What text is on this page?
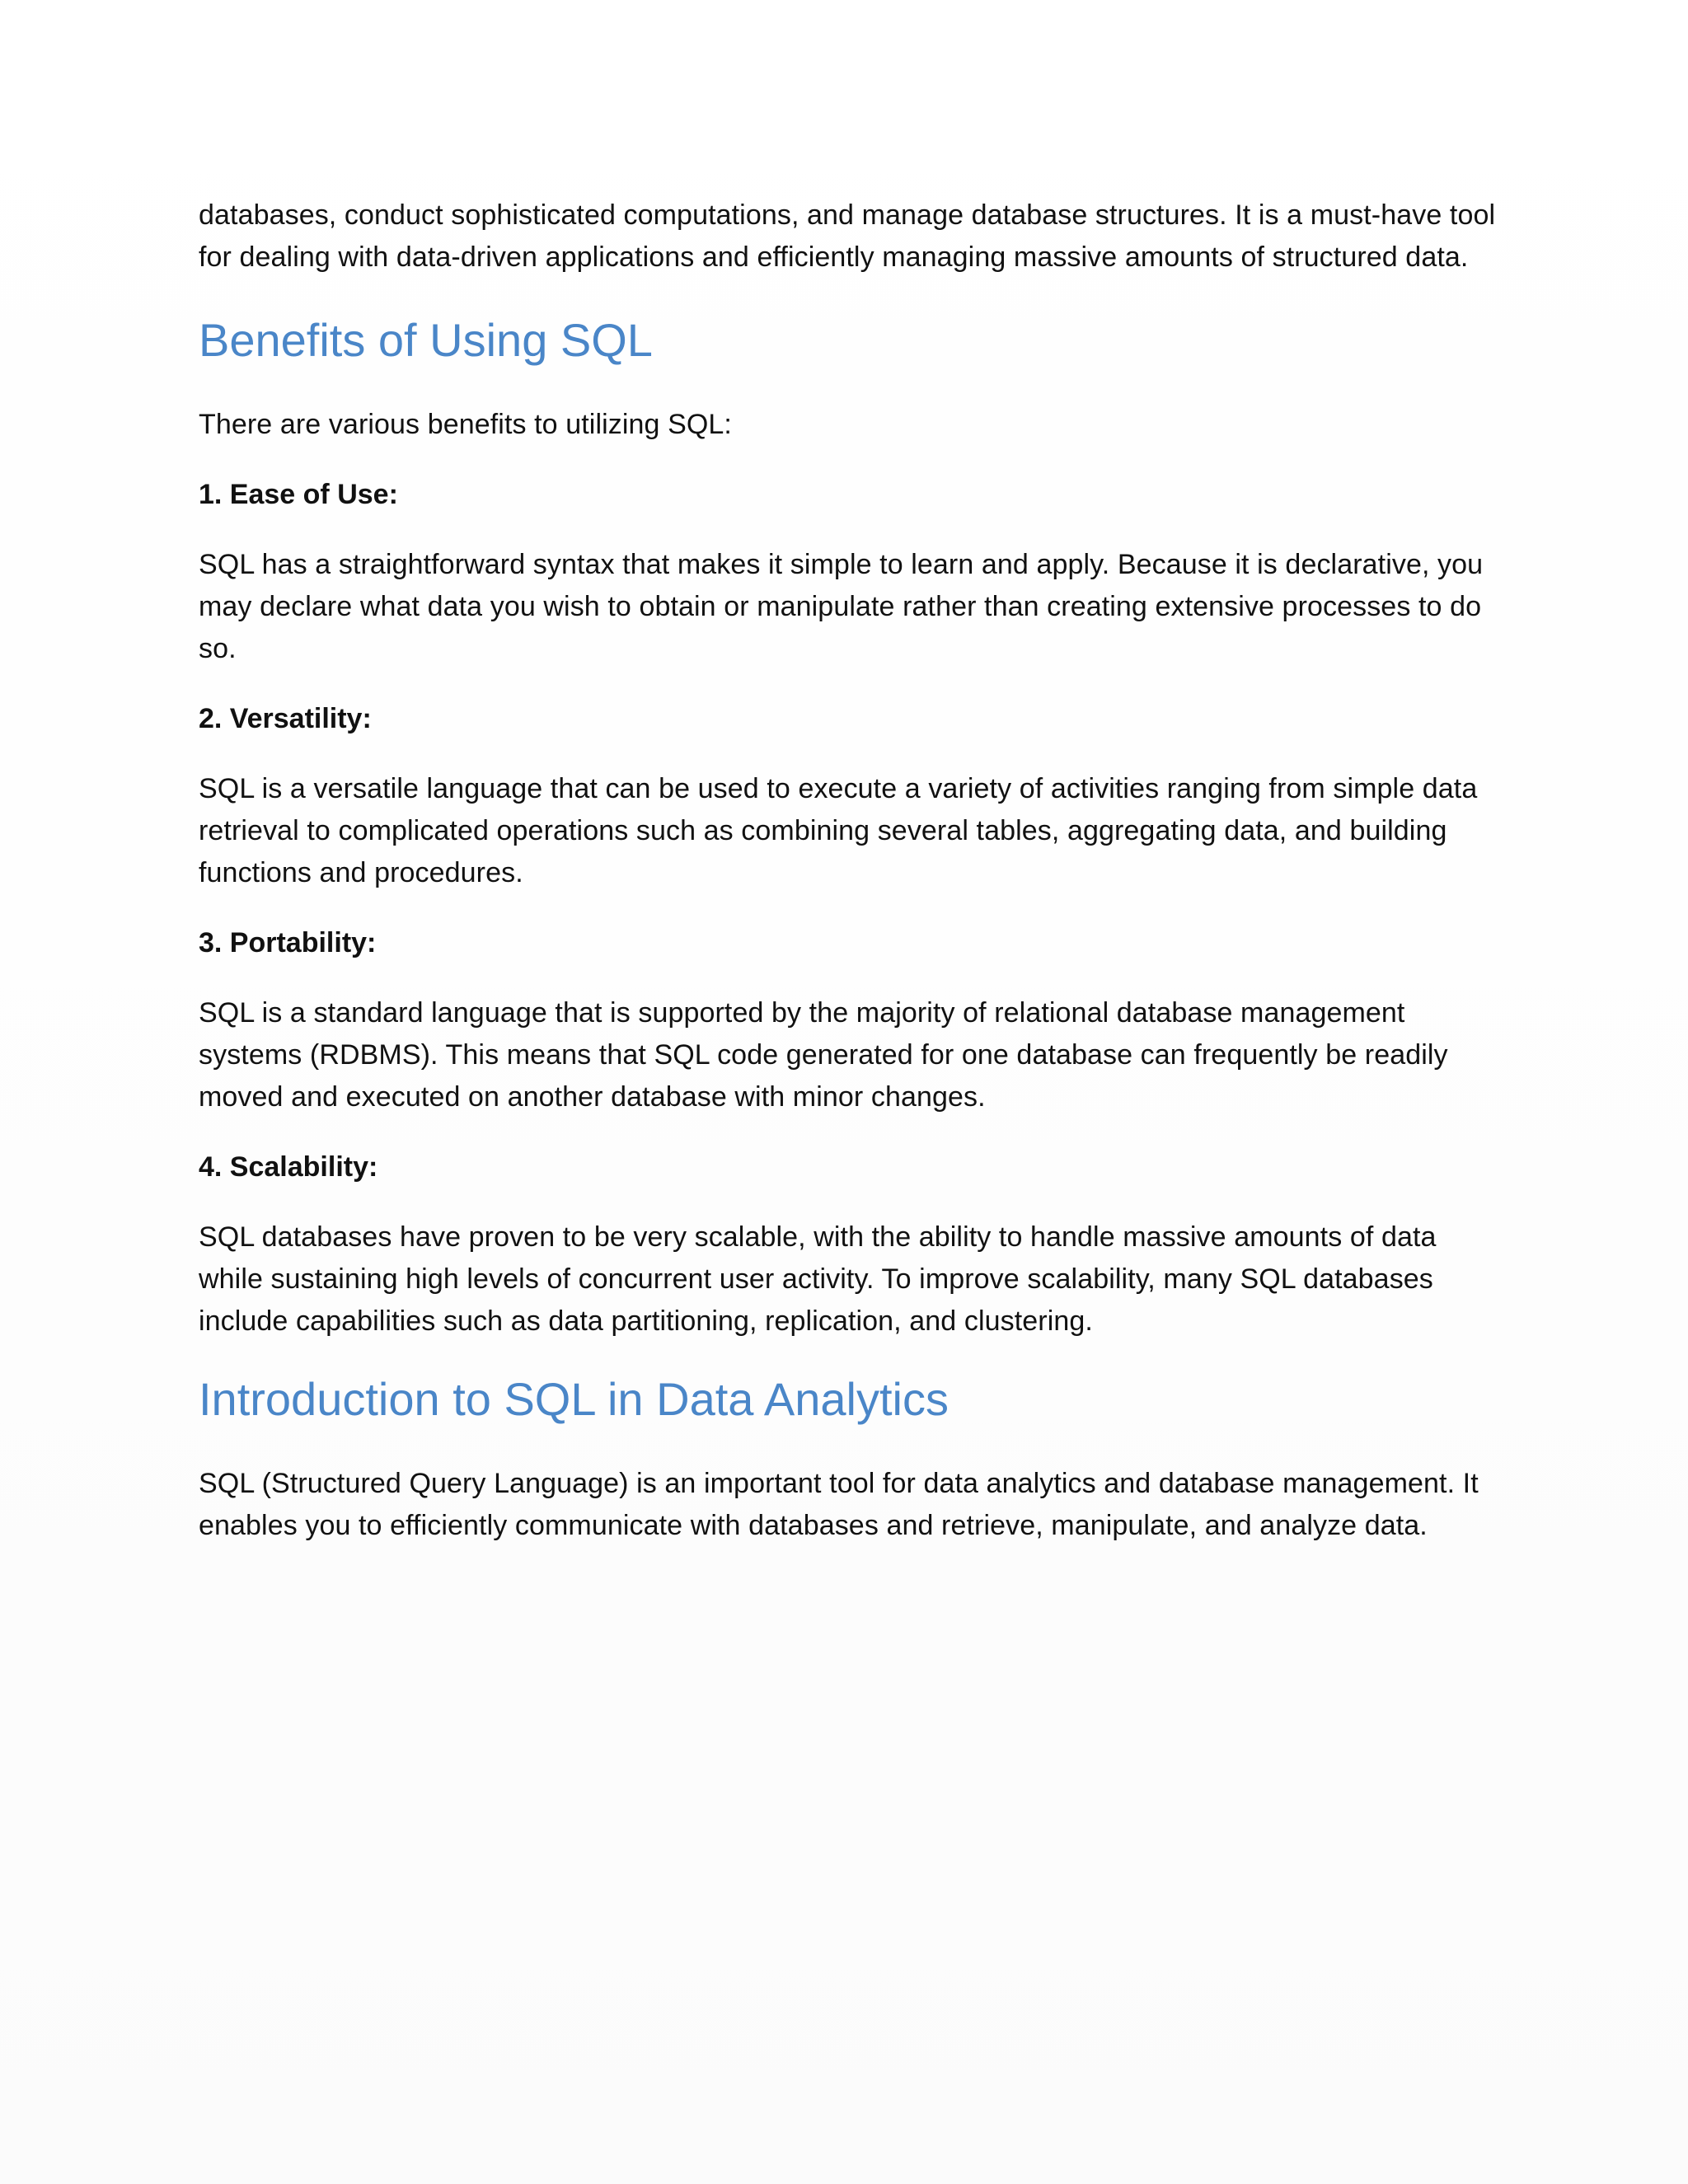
databases, conduct sophisticated computations, and manage database structures. It is a must-have tool for dealing with data-driven applications and efficiently managing massive amounts of structured data.

Benefits of Using SQL

There are various benefits to utilizing SQL:

1. Ease of Use:

SQL has a straightforward syntax that makes it simple to learn and apply. Because it is declarative, you may declare what data you wish to obtain or manipulate rather than creating extensive processes to do so.

2. Versatility:

SQL is a versatile language that can be used to execute a variety of activities ranging from simple data retrieval to complicated operations such as combining several tables, aggregating data, and building functions and procedures.

3. Portability:

SQL is a standard language that is supported by the majority of relational database management systems (RDBMS). This means that SQL code generated for one database can frequently be readily moved and executed on another database with minor changes.

4. Scalability:

SQL databases have proven to be very scalable, with the ability to handle massive amounts of data while sustaining high levels of concurrent user activity. To improve scalability, many SQL databases include capabilities such as data partitioning, replication, and clustering.

Introduction to SQL in Data Analytics

SQL (Structured Query Language) is an important tool for data analytics and database management. It enables you to efficiently communicate with databases and retrieve, manipulate, and analyze data.
